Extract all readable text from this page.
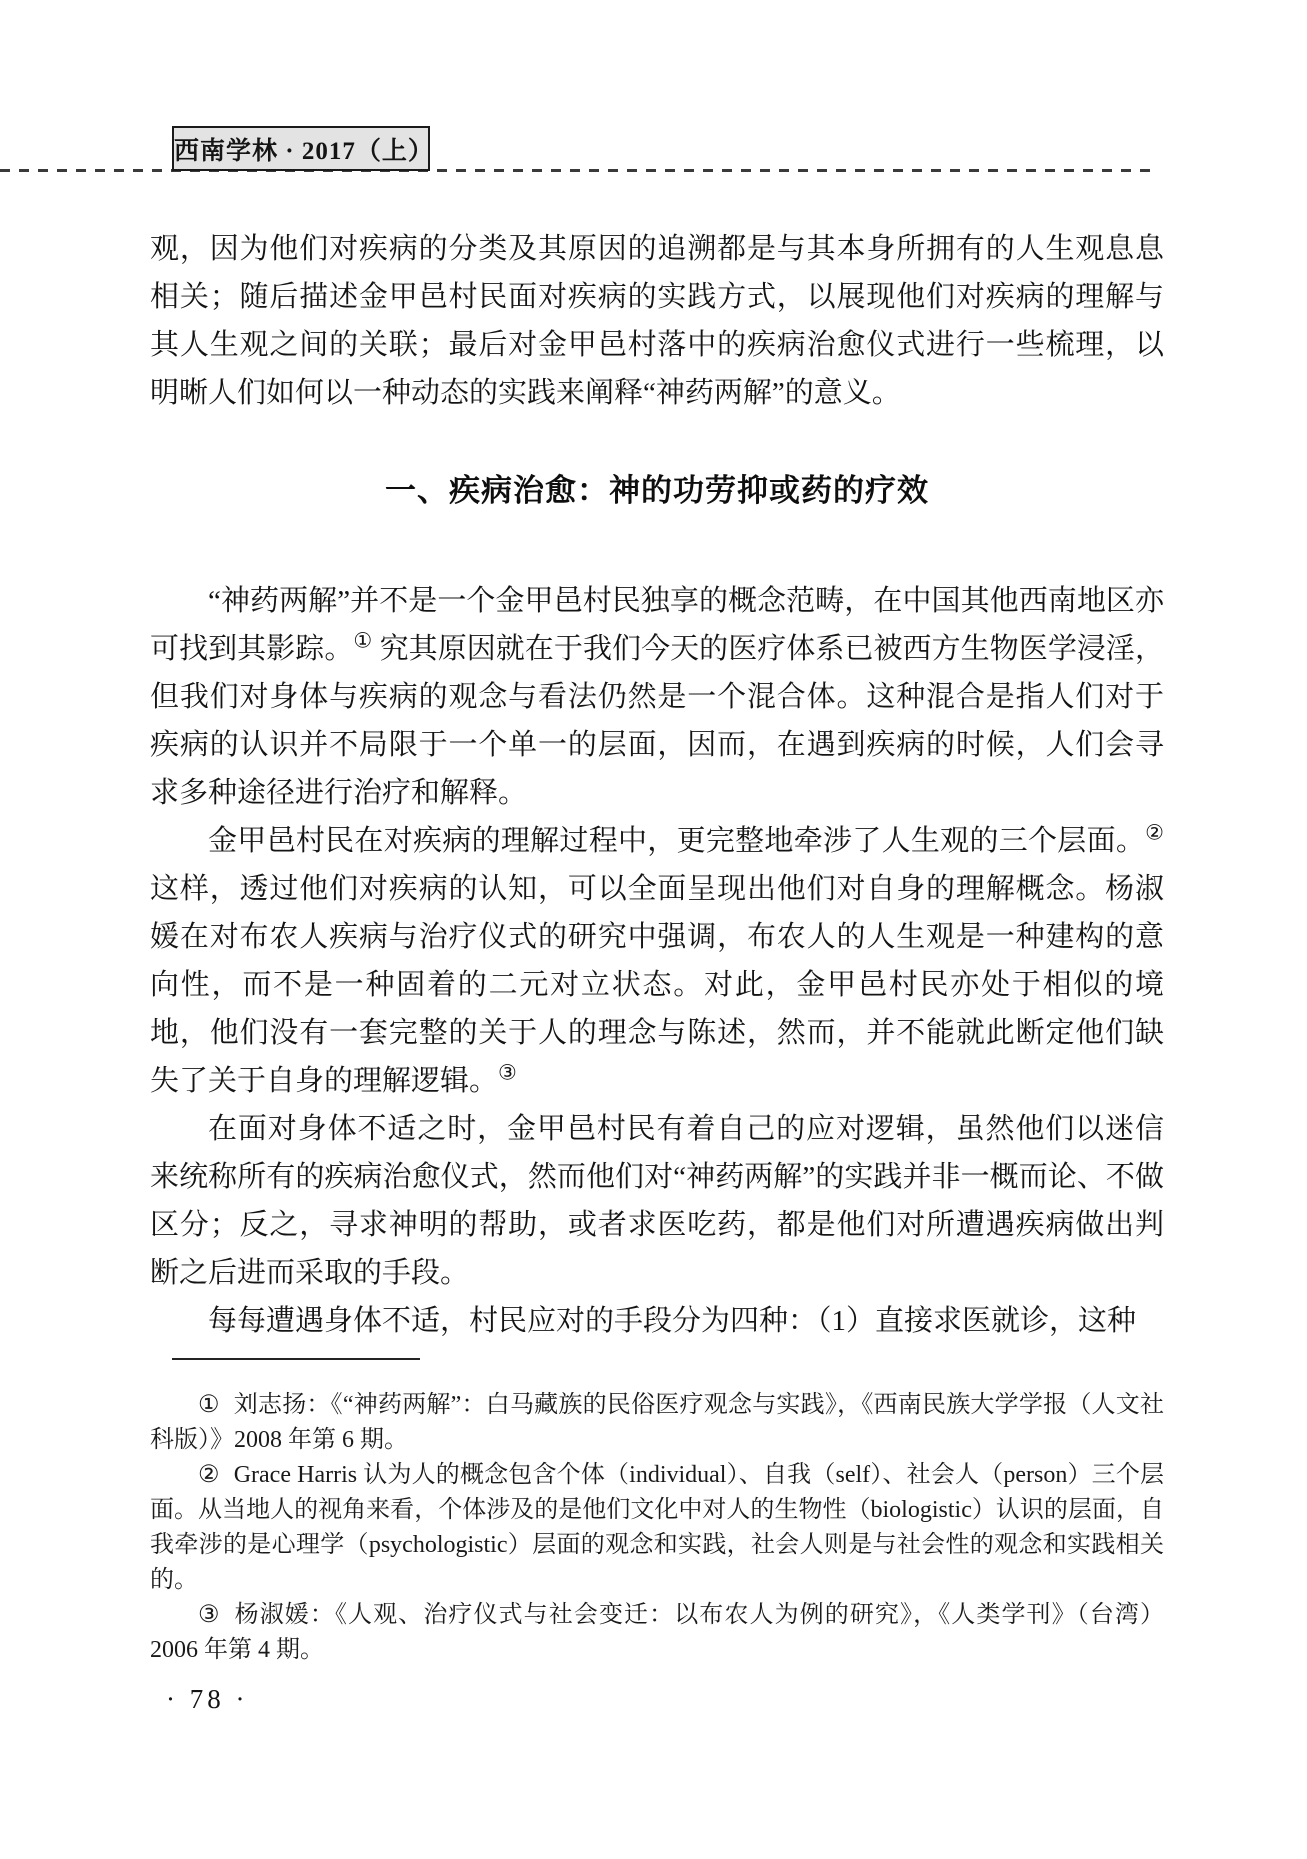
西南学林 · 2017（上）

观，因为他们对疾病的分类及其原因的追溯都是与其本身所拥有的人生观息息相关；随后描述金甲邑村民面对疾病的实践方式，以展现他们对疾病的理解与其人生观之间的关联；最后对金甲邑村落中的疾病治愈仪式进行一些梳理，以明晰人们如何以一种动态的实践来阐释“神药两解”的意义。

一、疾病治愈：神的功劳抑或药的疗效

“神药两解”并不是一个金甲邑村民独享的概念范畴，在中国其他西南地区亦可找到其影踪。① 究其原因就在于我们今天的医疗体系已被西方生物医学浸淫，但我们对身体与疾病的观念与看法仍然是一个混合体。这种混合是指人们对于疾病的认识并不局限于一个单一的层面，因而，在遇到疾病的时候，人们会寻求多种途径进行治疗和解释。

金甲邑村民在对疾病的理解过程中，更完整地牵涉了人生观的三个层面。②这样，透过他们对疾病的认知，可以全面呈现出他们对自身的理解概念。杨淑媛在对布农人疾病与治疗仪式的研究中强调，布农人的人生观是一种建构的意向性，而不是一种固着的二元对立状态。对此，金甲邑村民亦处于相似的境地，他们没有一套完整的关于人的理念与陈述，然而，并不能就此断定他们缺失了关于自身的理解逻辑。③

在面对身体不适之时，金甲邑村民有着自己的应对逻辑，虽然他们以迷信来统称所有的疾病治愈仪式，然而他们对“神药两解”的实践并非一概而论、不做区分；反之，寻求神明的帮助，或者求医吃药，都是他们对所遭遇疾病做出判断之后进而采取的手段。

每每遭遇身体不适，村民应对的手段分为四种：（1）直接求医就诊，这种

① 刘志扬：《“神药两解”：白马藏族的民俗医疗观念与实践》，《西南民族大学学报（人文社科版）》2008 年第 6 期。

② Grace Harris 认为人的概念包含个体（individual）、自我（self）、社会人（person）三个层面。从当地人的视角来看，个体涉及的是他们文化中对人的生物性（biologistic）认识的层面，自我牵涉的是心理学（psychologistic）层面的观念和实践，社会人则是与社会性的观念和实践相关的。

③ 杨淑媛：《人观、治疗仪式与社会变迁：以布农人为例的研究》，《人类学刊》（台湾）2006 年第 4 期。

· 78 ·
